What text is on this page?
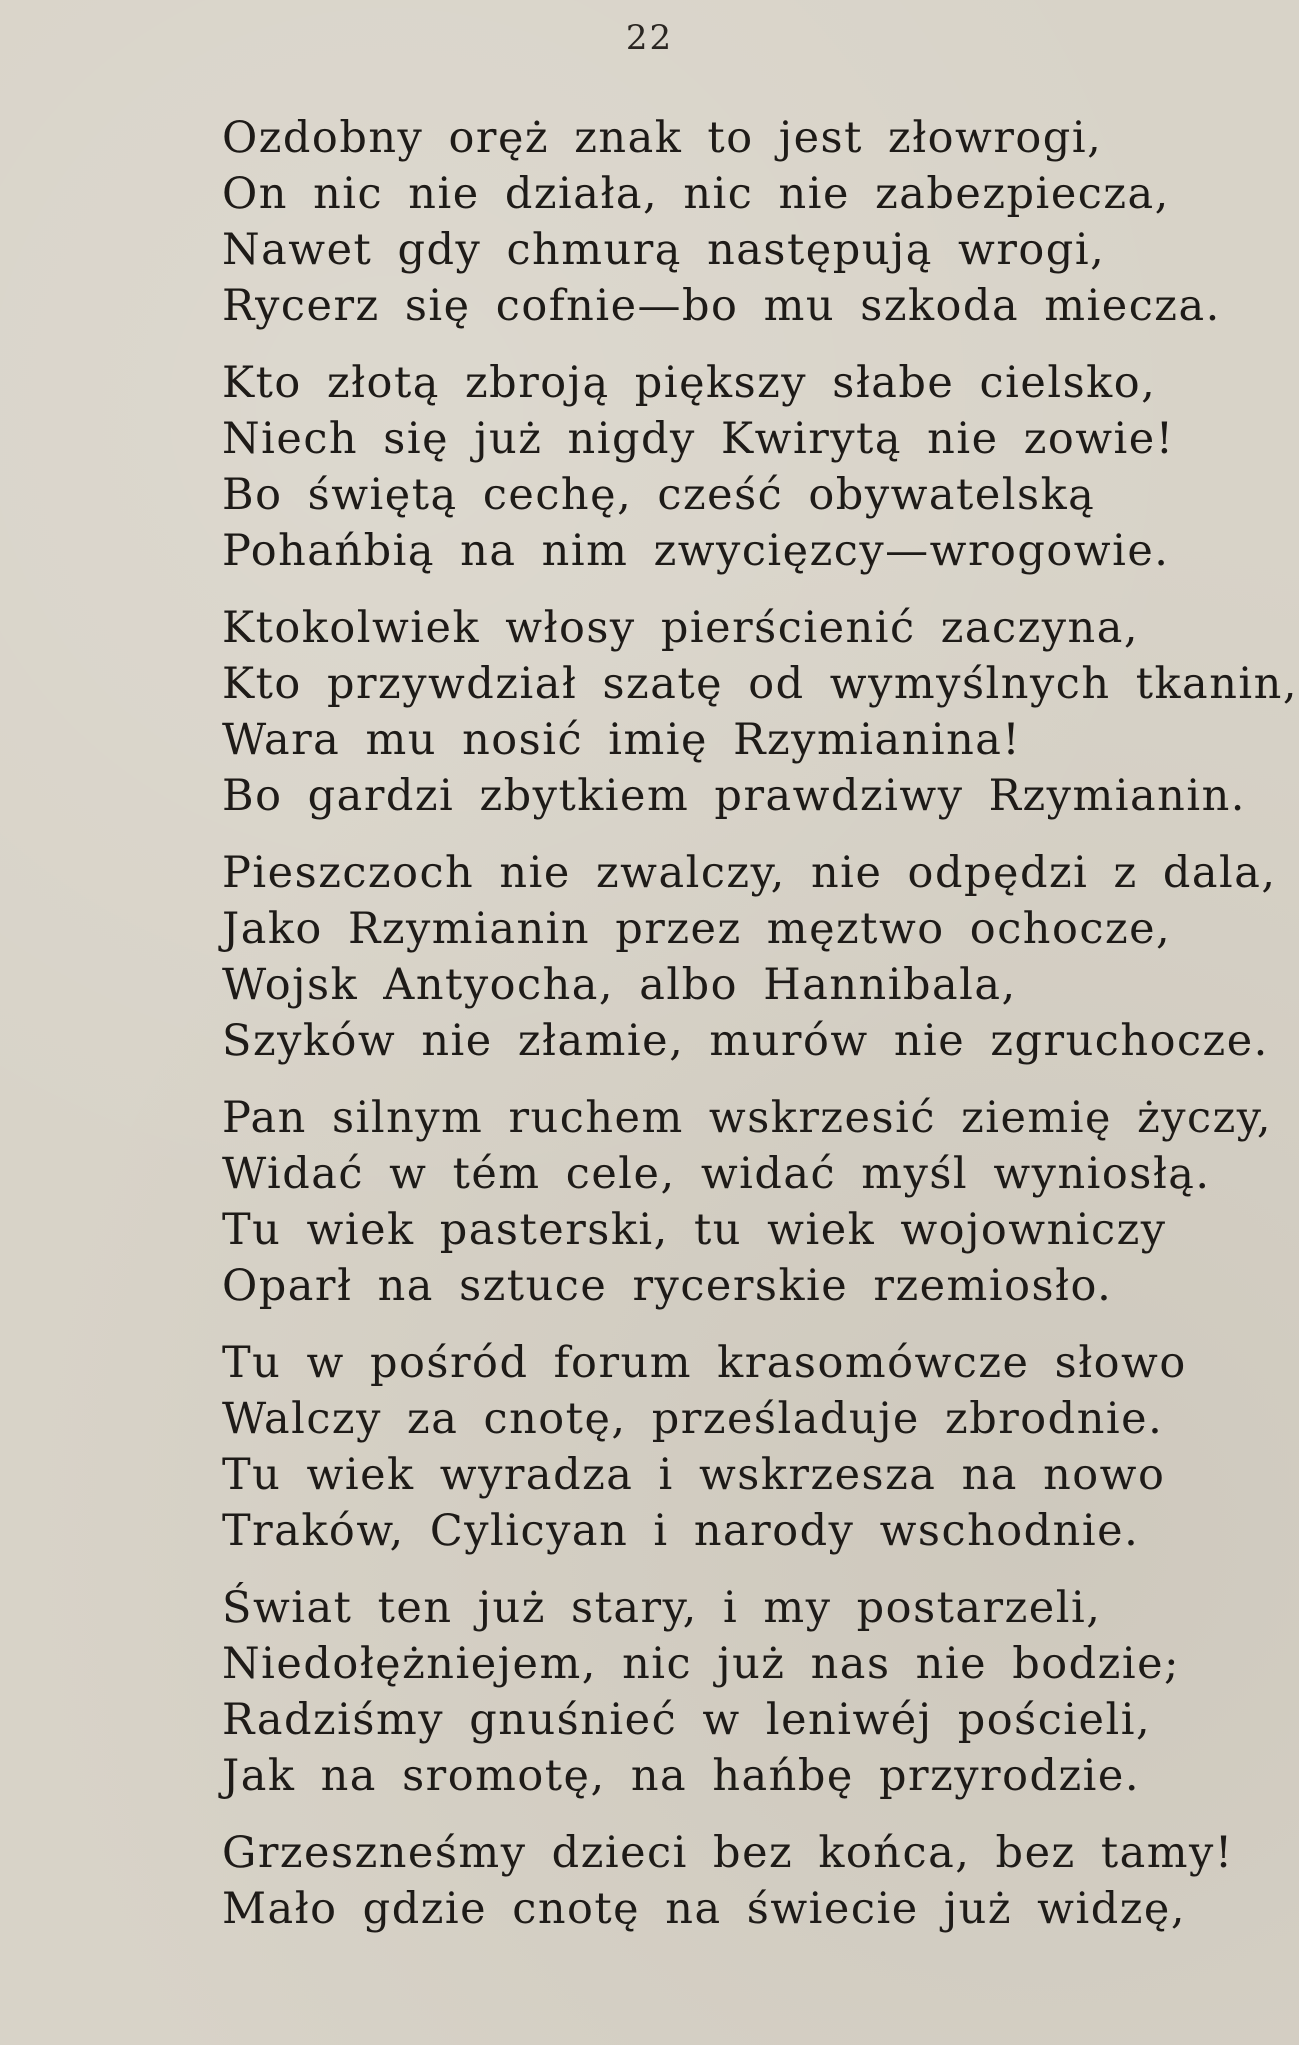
22
Ozdobny oręż znak to jest złowrogi,
On nic nie działa, nic nie zabezpiecza,
Nawet gdy chmurą następują wrogi,
Rycerz się cofnie—bo mu szkoda miecza.
Kto złotą zbroją piększy słabe cielsko,
Niech się już nigdy Kwirytą nie zowie!
Bo świętą cechę, cześć obywatelską
Pohańbią na nim zwycięzcy—wrogowie.
Ktokolwiek włosy pierścienić zaczyna,
Kto przywdział szatę od wymyślnych tkanin,
Wara mu nosić imię Rzymianina!
Bo gardzi zbytkiem prawdziwy Rzymianin.
Pieszczoch nie zwalczy, nie odpędzi z dala,
Jako Rzymianin przez męztwo ochocze,
Wojsk Antyocha, albo Hannibala,
Szyków nie złamie, murów nie zgruchocze.
Pan silnym ruchem wskrzesić ziemię życzy,
Widać w tém cele, widać myśl wyniosłą.
Tu wiek pasterski, tu wiek wojowniczy
Oparł na sztuce rycerskie rzemiosło.
Tu w pośród forum krasomówcze słowo
Walczy za cnotę, prześladuje zbrodnie.
Tu wiek wyradza i wskrzesza na nowo
Traków, Cylicyan i narody wschodnie.
Świat ten już stary, i my postarzeli,
Niedołężniejem, nic już nas nie bodzie;
Radziśmy gnuśnieć w leniwéj pościeli,
Jak na sromotę, na hańbę przyrodzie.
Grzeszneśmy dzieci bez końca, bez tamy!
Mało gdzie cnotę na świecie już widzę,
